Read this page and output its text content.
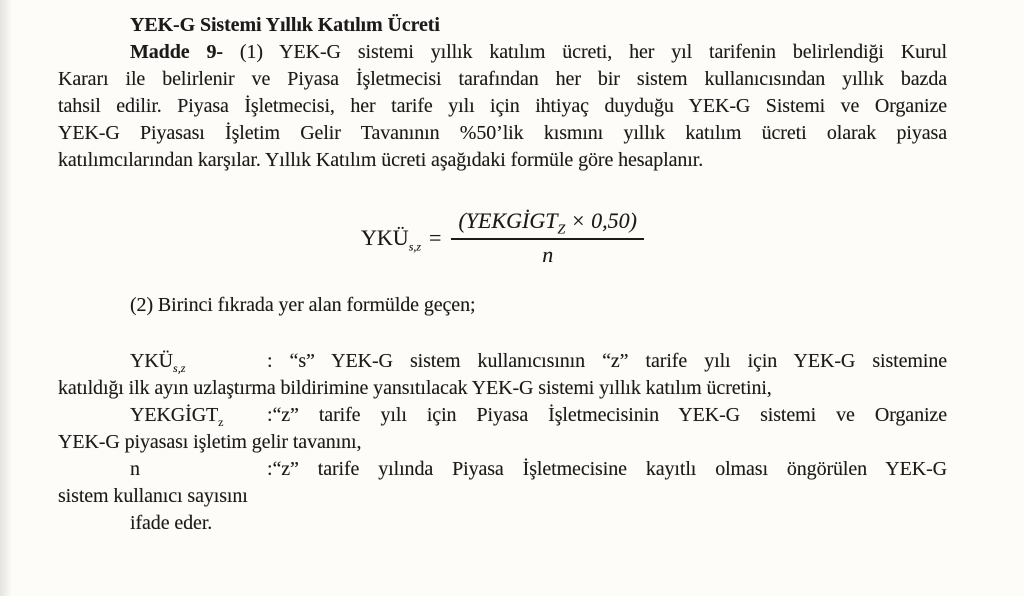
YEK-G Sistemi Yıllık Katılım Ücreti
Madde 9- (1) YEK-G sistemi yıllık katılım ücreti, her yıl tarifenin belirlendiği Kurul
Kararı ile belirlenir ve Piyasa İşletmecisi tarafından her bir sistem kullanıcısından yıllık bazda
tahsil edilir. Piyasa İşletmecisi, her tarife yılı için ihtiyaç duyduğu YEK-G Sistemi ve Organize
YEK-G Piyasası İşletim Gelir Tavanının %50’lik kısmını yıllık katılım ücreti olarak piyasa
katılımcılarından karşılar. Yıllık Katılım ücreti aşağıdaki formüle göre hesaplanır.
$YKÜ_{s,z} = \frac{(YEKGİGT_Z \times 0,50)}{n}$
(2) Birinci fıkrada yer alan formülde geçen;
$YKÜ_{s,z}$	: “s” YEK-G sistem kullanıcısının “z” tarife yılı için YEK-G sistemine
katıldığı ilk ayın uzlaştırma bildirimine yansıtılacak YEK-G sistemi yıllık katılım ücretini,
$YEKGİGT_z$ :“z” tarife yılı için Piyasa İşletmecisinin YEK-G sistemi ve Organize
YEK-G piyasası işletim gelir tavanını,
n	:“z” tarife yılında Piyasa İşletmecisine kayıtlı olması öngörülen YEK-G
sistem kullanıcı sayısını
ifade eder.
